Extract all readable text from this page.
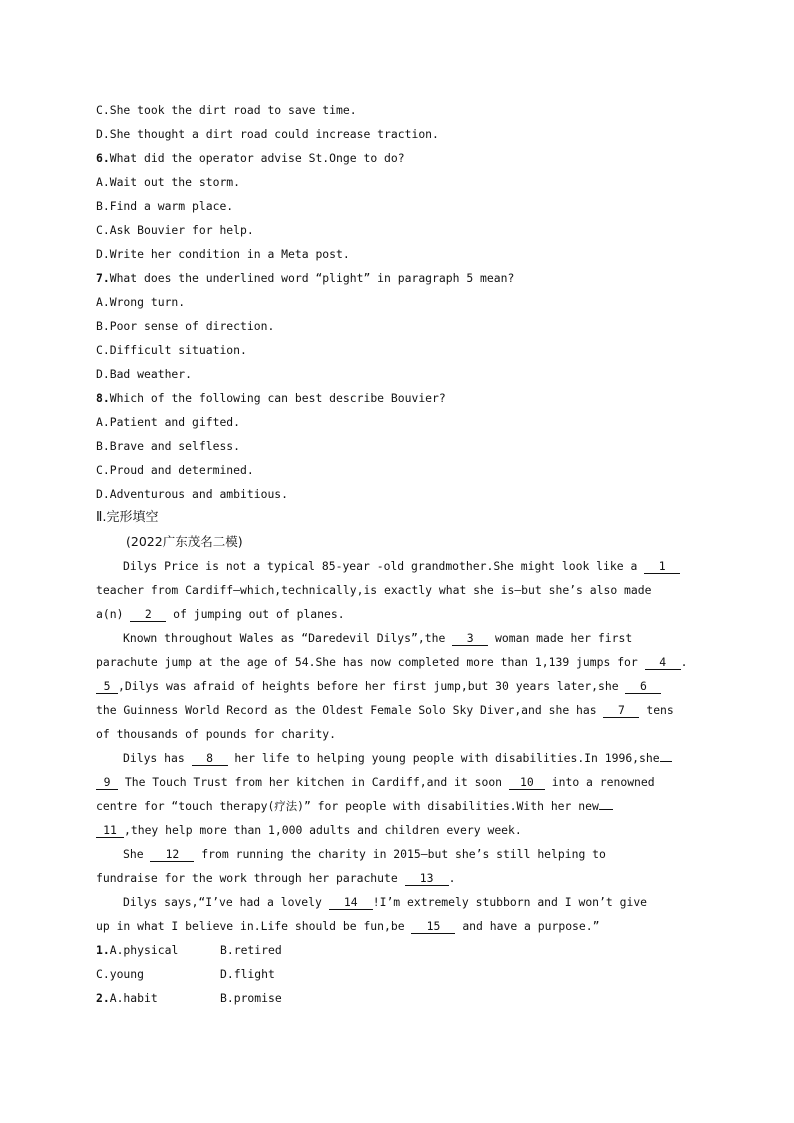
C.She took the dirt road to save time.
D.She thought a dirt road could increase traction.
6.What did the operator advise St.Onge to do?
A.Wait out the storm.
B.Find a warm place.
C.Ask Bouvier for help.
D.Write her condition in a Meta post.
7.What does the underlined word “plight” in paragraph 5 mean?
A.Wrong turn.
B.Poor sense of direction.
C.Difficult situation.
D.Bad weather.
8.Which of the following can best describe Bouvier?
A.Patient and gifted.
B.Brave and selfless.
C.Proud and determined.
D.Adventurous and ambitious.
Ⅱ.完形填空
(2022广东茂名二模)
Dilys Price is not a typical 85-year -old grandmother.She might look like a 1
teacher from Cardiff—which,technically,is exactly what she is—but she’s also made
a(n) 2 of jumping out of planes.
Known throughout Wales as “Daredevil Dilys”,the 3 woman made her first
parachute jump at the age of 54.She has now completed more than 1,139 jumps for 4 .
5 ,Dilys was afraid of heights before her first jump,but 30 years later,she 6
the Guinness World Record as the Oldest Female Solo Sky Diver,and she has 7 tens
of thousands of pounds for charity.
Dilys has 8 her life to helping young people with disabilities.In 1996,she
9 The Touch Trust from her kitchen in Cardiff,and it soon 10 into a renowned
centre for “touch therapy(疗法)” for people with disabilities.With her new
11 ,they help more than 1,000 adults and children every week.
She 12 from running the charity in 2015—but she’s still helping to
fundraise for the work through her parachute 13 .
Dilys says,“I’ve had a lovely 14 !I’m extremely stubborn and I won’t give
up in what I believe in.Life should be fun,be 15 and have a purpose.”
1.A.physical	B.retired
C.young	D.flight
2.A.habit	B.promise
